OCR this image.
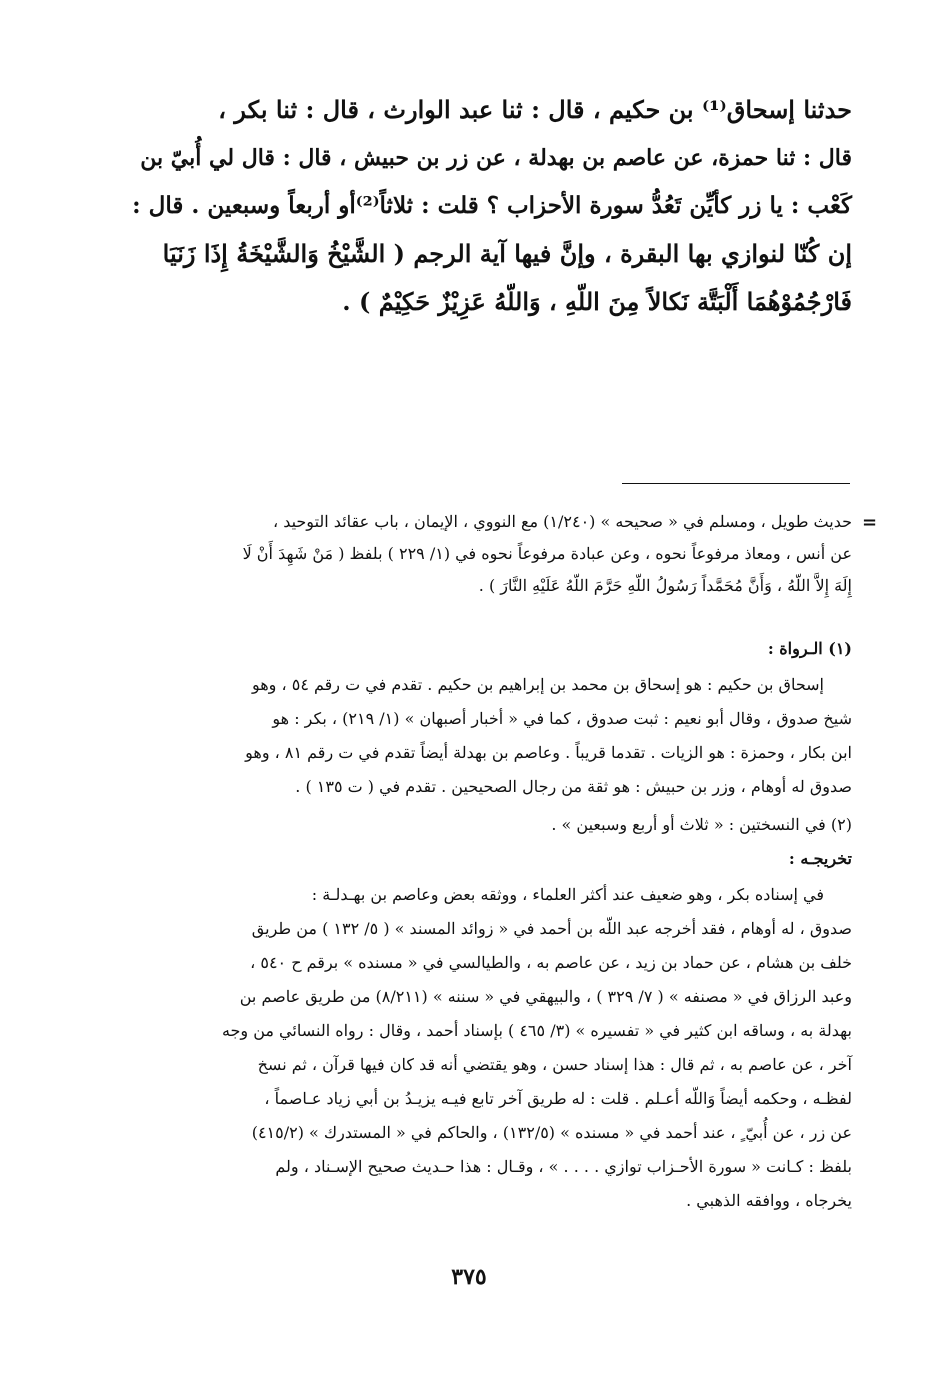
حدثنا إسحاق⁽¹⁾ بن حكيم ، قال : ثنا عبد الوارث ، قال : ثنا بكر ،
قال : ثنا حمزة، عن عاصم بن بهدلة ، عن زر بن حبيش ، قال : قال لي أُبيّ بن
كَعْب : يا زر كأيِّن تَعُدُّ سورة الأحزاب ؟ قلت : ثلاثاً⁽²⁾أو أربعاً وسبعين . قال :
إن كُنّا لنوازي بها البقرة ، وإنَّ فيها آية الرجم ( الشَّيْخُ وَالشَّيْخَةُ إِذَا زَنَيَا
فَارْجُمُوْهُمَا أَلْبَتَّة نَكالاً مِنَ اللّهِ ، وَاللّهُ عَزِيْزٌ حَكِيْمٌ ) .
=
حديث طويل ، ومسلم في « صحيحه » (١/٢٤٠) مع النووي ، الإيمان ، باب عقائد التوحيد ،
عن أنس ، ومعاذ مرفوعاً نحوه ، وعن عبادة مرفوعاً نحوه في (١/ ٢٢٩ ) بلفظ ( مَنْ شَهِدَ أَنْ لَا
إِلَهَ إِلاَّ اللّهُ ، وَأَنَّ مُحَمَّداً رَسُولُ اللّهِ حَرَّمَ اللّهُ عَلَيْهِ النَّارَ ) .
(١) الـرواة :
إسحاق بن حكيم : هو إسحاق بن محمد بن إبراهيم بن حكيم . تقدم في ت رقم ٥٤ ، وهو
شيخ صدوق ، وقال أبو نعيم : ثبت صدوق ، كما في « أخبار أصبهان » (١/ ٢١٩) ، بكر : هو
ابن بكار ، وحمزة : هو الزيات . تقدما قريباً . وعاصم بن بهدلة أيضاً تقدم في ت رقم ٨١ ، وهو
صدوق له أوهام ، وزر بن حبيش : هو ثقة من رجال الصحيحين . تقدم في ( ت ١٣٥ ) .
(٢) في النسختين : « ثلاث أو أربع وسبعين » .
تخريجـه :
في إسناده بكر ، وهو ضعيف عند أكثر العلماء ، ووثقه بعض وعاصم بن بهـدلـة :
صدوق ، له أوهام ، فقد أخرجه عبد اللّه بن أحمد في « زوائد المسند » ( ٥/ ١٣٢ ) من طريق
خلف بن هشام ، عن حماد بن زيد ، عن عاصم به ، والطيالسي في « مسنده » برقم ح ٥٤٠ ،
وعبد الرزاق في « مصنفه » ( ٧/ ٣٢٩ ) ، والبيهقي في « سننه » (٨/٢١١) من طريق عاصم بن
بهدلة به ، وساقه ابن كثير في « تفسيره » (٣/ ٤٦٥ ) بإسناد أحمد ، وقال : رواه النسائي من وجه
آخر ، عن عاصم به ، ثم قال : هذا إسناد حسن ، وهو يقتضي أنه قد كان فيها قرآن ، ثم نسخ
لفظـه ، وحكمه أيضاً وَاللّه أعـلم . قلت : له طريق آخر تابع فيـه يزيـدُ بن أبي زياد عـاصماً ،
عن زر ، عن أُبيّ ٍ ، عند أحمد في « مسنده » (١٣٢/٥) ، والحاكم في « المستدرك » (٤١٥/٢)
بلفظ : كـانت « سورة الأحـزاب توازي . . . . » ، وقـال : هذا حـديث صحيح الإسـناد ، ولم
يخرجاه ، ووافقه الذهبي .
٣٧٥
